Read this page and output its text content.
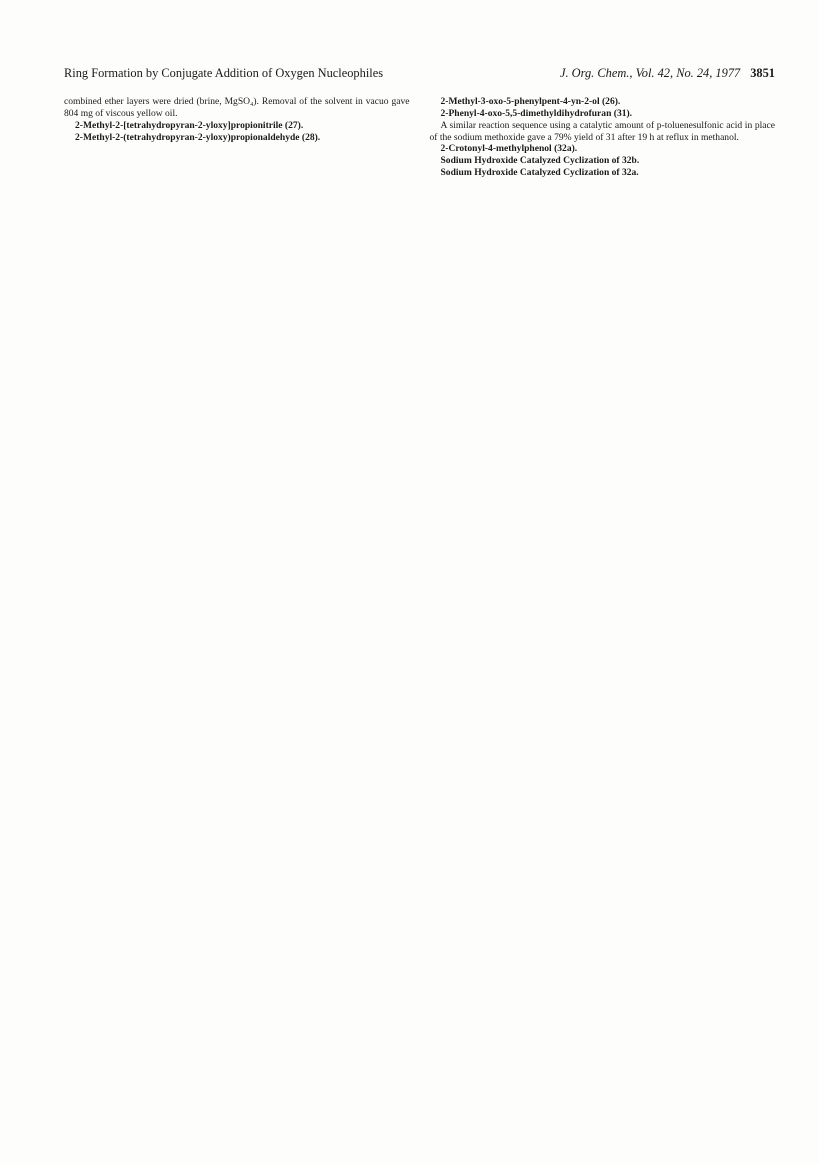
Ring Formation by Conjugate Addition of Oxygen Nucleophiles	J. Org. Chem., Vol. 42, No. 24, 1977 3851

combined ether layers were dried (brine, MgSO₄). Removal of the solvent in vacuo gave 804 mg of viscous yellow oil.

2-Methyl-2-[tetrahydropyran-2-yloxy]propionitrile (27).

2-Methyl-2-(tetrahydropyran-2-yloxy)propionaldehyde (28).

2-Methyl-3-oxo-5-phenylpent-4-yn-2-ol (26).

2-Phenyl-4-oxo-5,5-dimethyldihydrofuran (31).

A similar reaction sequence using a catalytic amount of p-toluenesulfonic acid in place of the sodium methoxide gave a 79% yield of 31 after 19 h at reflux in methanol.

2-Crotonyl-4-methylphenol (32a).

Sodium Hydroxide Catalyzed Cyclization of 32b.

Sodium Hydroxide Catalyzed Cyclization of 32a.
